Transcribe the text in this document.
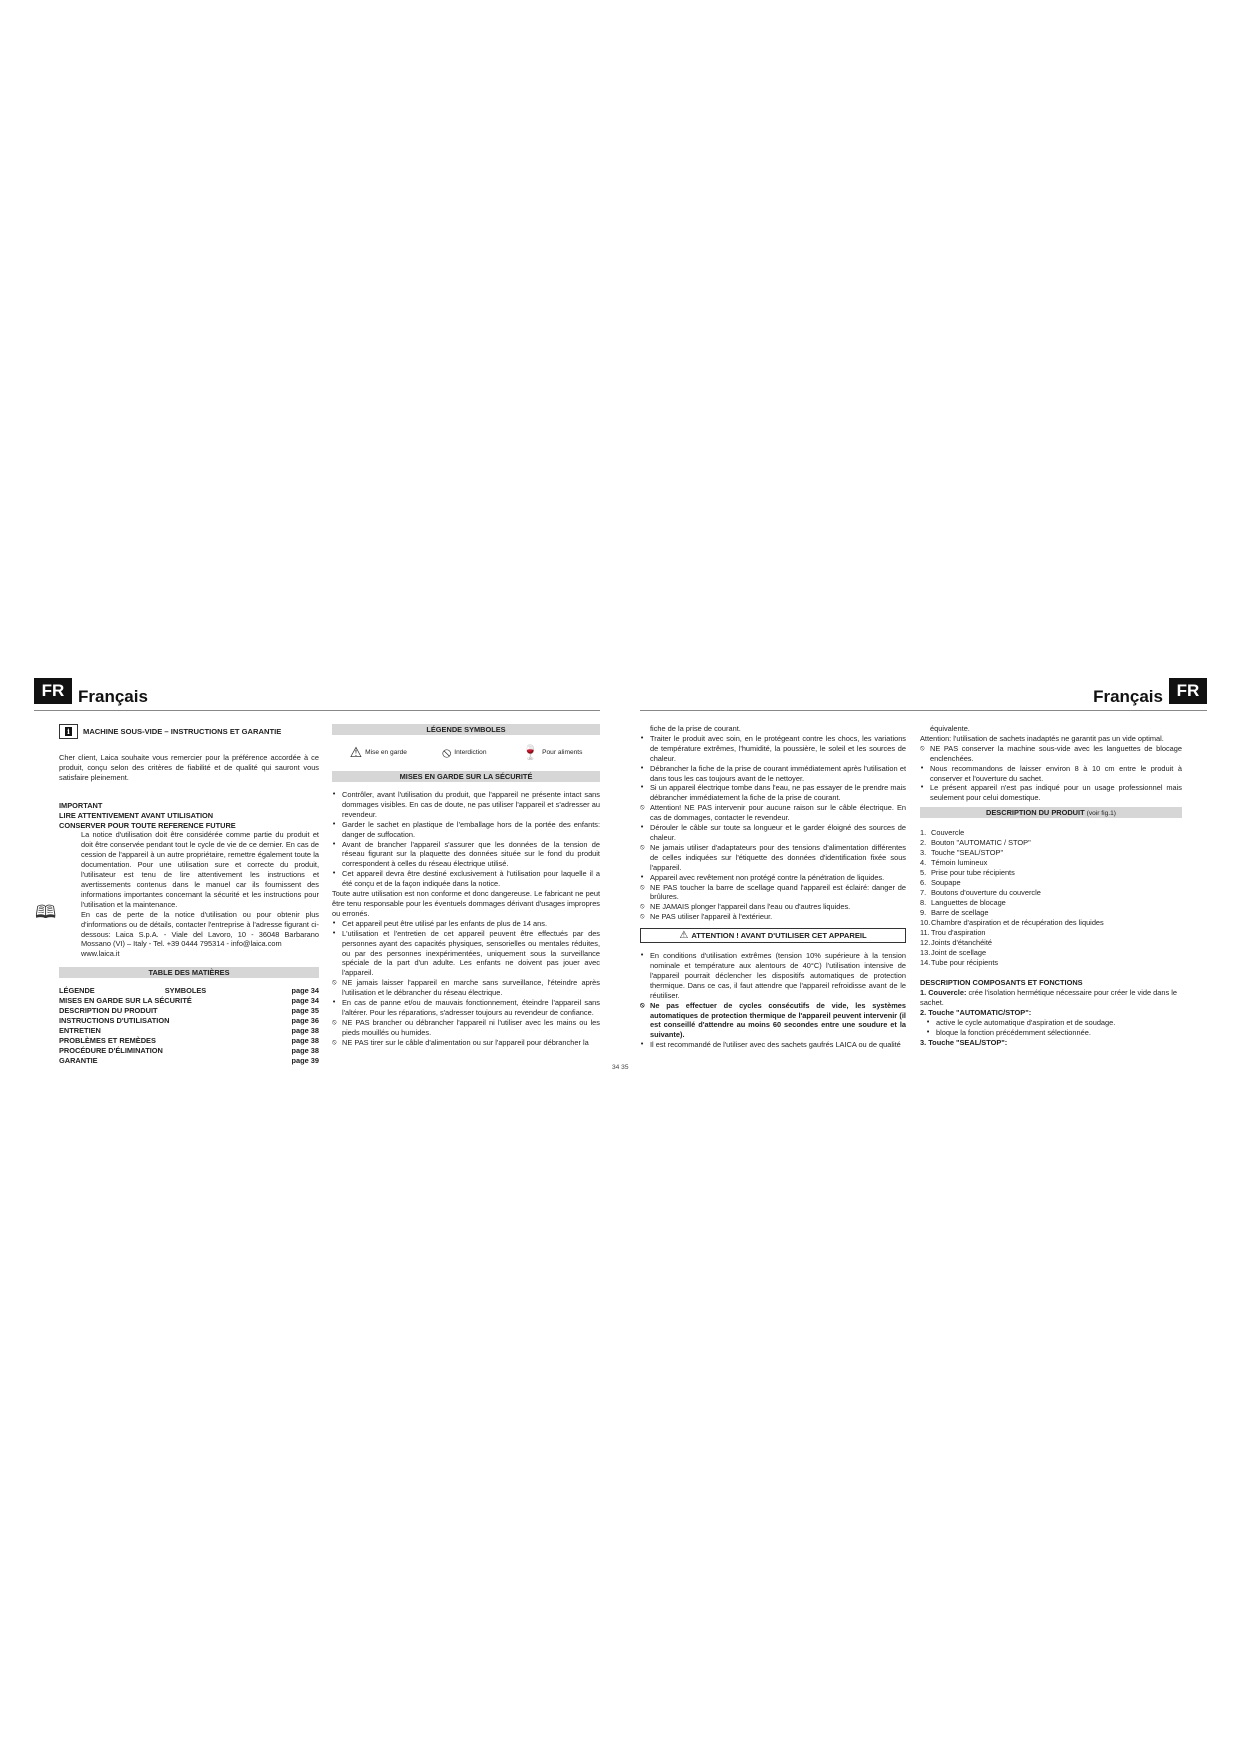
FR Français
i MACHINE SOUS-VIDE – INSTRUCTIONS ET GARANTIE

Cher client, Laica souhaite vous remercier pour la préférence accordée à ce produit, conçu selon des critères de fiabilité et de qualité qui sauront vous satisfaire pleinement.

IMPORTANT
LIRE ATTENTIVEMENT AVANT UTILISATION
CONSERVER POUR TOUTE REFERENCE FUTURE
🕮

La notice d'utilisation doit être considérée comme partie du produit et doit être conservée pendant tout le cycle de vie de ce dernier. En cas de cession de l'appareil à un autre propriétaire, remettre également toute la documentation. Pour une utilisation sure et correcte du produit, l'utilisateur est tenu de lire attentivement les instructions et avertissements contenus dans le manuel car ils fournissent des informations importantes concernant la sécurité et les instructions pour l'utilisation et la maintenance.

En cas de perte de la notice d'utilisation ou pour obtenir plus d'informations ou de détails, contacter l'entreprise à l'adresse figurant ci-dessous: Laica S.p.A. - Viale del Lavoro, 10 - 36048 Barbarano Mossano (VI) – Italy - Tel. +39 0444 795314 - info@laica.com

www.laica.it

TABLE DES MATIÈRES
LÉGENDE	SYMBOLES	page 34
MISES EN GARDE SUR LA SÉCURITÉ	page 34
DESCRIPTION DU PRODUIT	page 35
INSTRUCTIONS D'UTILISATION	page 36
ENTRETIEN	page 38
PROBLÈMES ET REMÈDES	page 38
PROCÉDURE D'ÉLIMINATION	page 38
GARANTIE	page 39
LÉGENDE SYMBOLES
⚠ Mise en garde	⦸ Interdiction	🍷 Pour aliments
MISES EN GARDE SUR LA SÉCURITÉ
• Contrôler, avant l'utilisation du produit, que l'appareil ne présente intact sans dommages visibles. En cas de doute, ne pas utiliser l'appareil et s'adresser au revendeur.
• Garder le sachet en plastique de l'emballage hors de la portée des enfants: danger de suffocation.
• Avant de brancher l'appareil s'assurer que les données de la tension de réseau figurant sur la plaquette des données située sur le fond du produit correspondent à celles du réseau électrique utilisé.
• Cet appareil devra être destiné exclusivement à l'utilisation pour laquelle il a été conçu et de la façon indiquée dans la notice.
Toute autre utilisation est non conforme et donc dangereuse. Le fabricant ne peut être tenu responsable pour les éventuels dommages dérivant d'usages impropres ou erronés.
• Cet appareil peut être utilisé par les enfants de plus de 14 ans.
• L'utilisation et l'entretien de cet appareil peuvent être effectués par des personnes ayant des capacités physiques, sensorielles ou mentales réduites, ou par des personnes inexpérimentées, uniquement sous la surveillance spéciale de la part d'un adulte. Les enfants ne doivent pas jouer avec l'appareil.
⦸ NE jamais laisser l'appareil en marche sans surveillance, l'éteindre après l'utilisation et le débrancher du réseau électrique.
• En cas de panne et/ou de mauvais fonctionnement, éteindre l'appareil sans l'altérer. Pour les réparations, s'adresser toujours au revendeur de confiance.
⦸ NE PAS brancher ou débrancher l'appareil ni l'utiliser avec les mains ou les pieds mouillés ou humides.
⦸ NE PAS tirer sur le câble d'alimentation ou sur l'appareil pour débrancher la
34 35
Français FR
fiche de la prise de courant.
• Traiter le produit avec soin, en le protégeant contre les chocs, les variations de température extrêmes, l'humidité, la poussière, le soleil et les sources de chaleur.
• Débrancher la fiche de la prise de courant immédiatement après l'utilisation et dans tous les cas toujours avant de le nettoyer.
• Si un appareil électrique tombe dans l'eau, ne pas essayer de le prendre mais débrancher immédiatement la fiche de la prise de courant.
⦸ Attention! NE PAS intervenir pour aucune raison sur le câble électrique. En cas de dommages, contacter le revendeur.
• Dérouler le câble sur toute sa longueur et le garder éloigné des sources de chaleur.
⦸ Ne jamais utiliser d'adaptateurs pour des tensions d'alimentation différentes de celles indiquées sur l'étiquette des données d'identification fixée sous l'appareil.
• Appareil avec revêtement non protégé contre la pénétration de liquides.
⦸ NE PAS toucher la barre de scellage quand l'appareil est éclairé: danger de brûlures.
⦸ NE JAMAIS plonger l'appareil dans l'eau ou d'autres liquides.
⦸ Ne PAS utiliser l'appareil à l'extérieur.
⚠ ATTENTION ! AVANT D'UTILISER CET APPAREIL
• En conditions d'utilisation extrêmes (tension 10% supérieure à la tension nominale et température aux alentours de 40°C) l'utilisation intensive de l'appareil pourrait déclencher les dispositifs automatiques de protection thermique. Dans ce cas, il faut attendre que l'appareil refroidisse avant de le réutiliser.
⦸ Ne pas effectuer de cycles consécutifs de vide, les systèmes automatiques de protection thermique de l'appareil peuvent intervenir (il est conseillé d'attendre au moins 60 secondes entre une soudure et la suivante).
• Il est recommandé de l'utiliser avec des sachets gaufrés LAICA ou de qualité
équivalente.
Attention: l'utilisation de sachets inadaptés ne garantit pas un vide optimal.
⦸ NE PAS conserver la machine sous-vide avec les languettes de blocage enclenchées.
• Nous recommandons de laisser environ 8 à 10 cm entre le produit à conserver et l'ouverture du sachet.
• Le présent appareil n'est pas indiqué pour un usage professionnel mais seulement pour celui domestique.
DESCRIPTION DU PRODUIT (voir fig.1)
1. Couvercle
2. Bouton "AUTOMATIC / STOP"
3. Touche "SEAL/STOP"
4. Témoin lumineux
5. Prise pour tube récipients
6. Soupape
7. Boutons d'ouverture du couvercle
8. Languettes de blocage
9. Barre de scellage
10. Chambre d'aspiration et de récupération des liquides
11. Trou d'aspiration
12. Joints d'étanchéité
13. Joint de scellage
14. Tube pour récipients
DESCRIPTION COMPOSANTS ET FONCTIONS
1. Couvercle: crée l'isolation hermétique nécessaire pour créer le vide dans le sachet.
2. Touche "AUTOMATIC/STOP":
• active le cycle automatique d'aspiration et de soudage.
• bloque la fonction précédemment sélectionnée.
3. Touche "SEAL/STOP":
